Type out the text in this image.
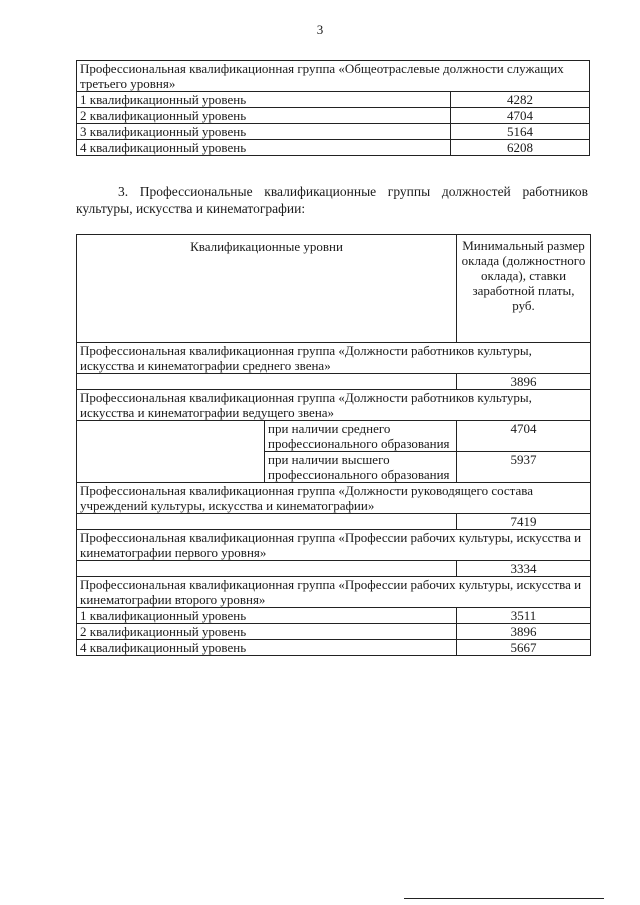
3
Профессиональная квалификационная группа «Общеотраслевые должности служащих третьего уровня»	
1 квалификационный уровень	4282
2 квалификационный уровень	4704
3 квалификационный уровень	5164
4 квалификационный уровень	6208
3. Профессиональные квалификационные группы должностей работников культуры, искусства и кинематографии:
Квалификационные уровни		Минимальный размер оклада (должностного оклада), ставки заработной платы, руб.
Профессиональная квалификационная группа «Должности работников культуры, искусства и кинематографии среднего звена»		
		3896
Профессиональная квалификационная группа «Должности работников культуры, искусства и кинематографии ведущего звена»		
	при наличии среднего профессионального образования	4704
	при наличии высшего профессионального образования	5937
Профессиональная квалификационная группа «Должности руководящего состава учреждений культуры, искусства и кинематографии»		
		7419
Профессиональная квалификационная группа «Профессии рабочих культуры, искусства и кинематографии первого уровня»		
		3334
Профессиональная квалификационная группа «Профессии рабочих культуры, искусства и кинематографии второго уровня»		
1 квалификационный уровень		3511
2 квалификационный уровень		3896
4 квалификационный уровень		5667
